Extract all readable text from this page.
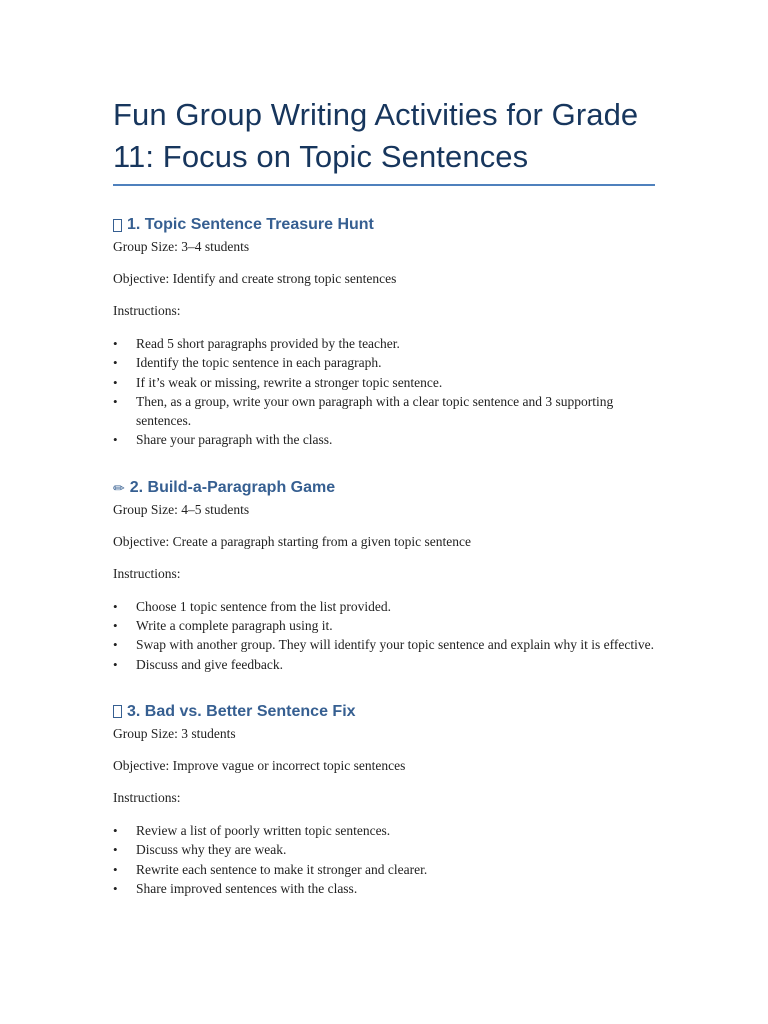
Fun Group Writing Activities for Grade 11: Focus on Topic Sentences
1. Topic Sentence Treasure Hunt

Group Size: 3–4 students

Objective: Identify and create strong topic sentences

Instructions:

• Read 5 short paragraphs provided by the teacher.
• Identify the topic sentence in each paragraph.
• If it’s weak or missing, rewrite a stronger topic sentence.
• Then, as a group, write your own paragraph with a clear topic sentence and 3 supporting sentences.
• Share your paragraph with the class.
✏ 2. Build-a-Paragraph Game

Group Size: 4–5 students

Objective: Create a paragraph starting from a given topic sentence

Instructions:

• Choose 1 topic sentence from the list provided.
• Write a complete paragraph using it.
• Swap with another group. They will identify your topic sentence and explain why it is effective.
• Discuss and give feedback.
3. Bad vs. Better Sentence Fix

Group Size: 3 students

Objective: Improve vague or incorrect topic sentences

Instructions:

• Review a list of poorly written topic sentences.
• Discuss why they are weak.
• Rewrite each sentence to make it stronger and clearer.
• Share improved sentences with the class.
